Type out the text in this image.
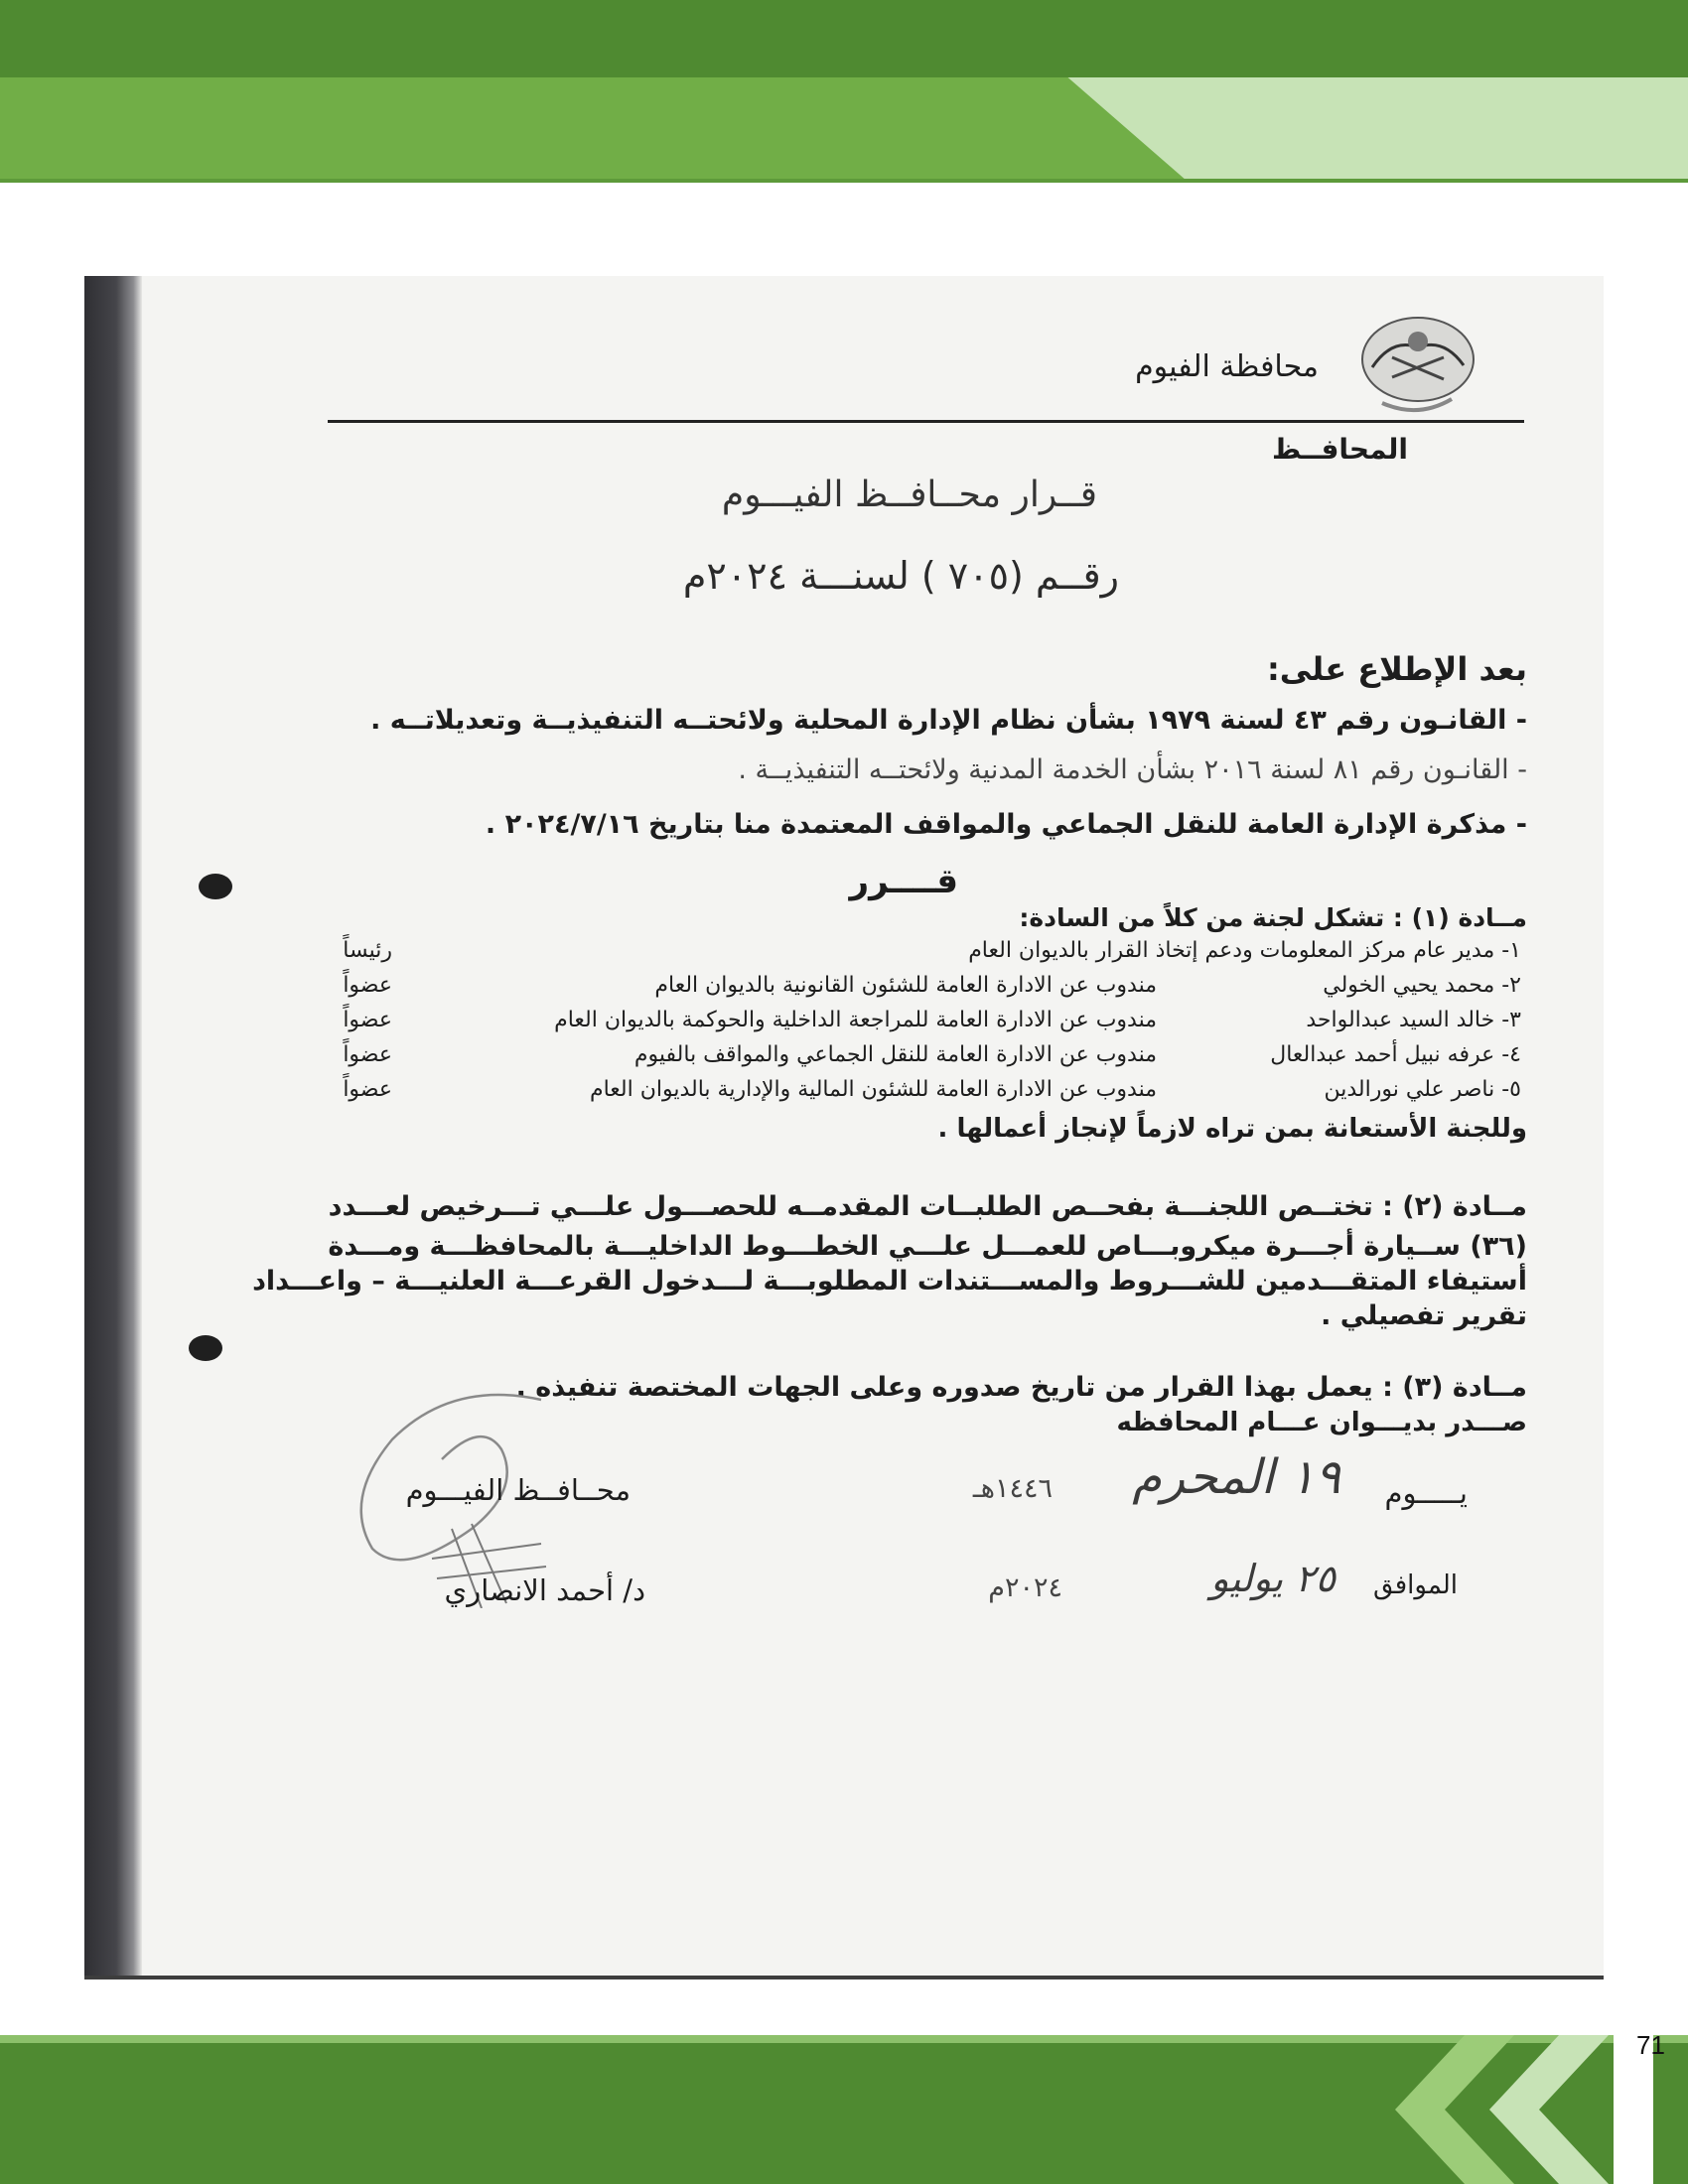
محافظة الفيوم
المحافــظ
قــرار محــافــظ الفيـــوم
رقــم (٧٠٥ ) لسنـــة ٢٠٢٤م
بعد الإطلاع على:
- القانـون رقم ٤٣ لسنة ١٩٧٩ بشأن نظام الإدارة المحلية ولائحتــه التنفيذيــة وتعديلاتــه .
- القانـون رقم ٨١ لسنة ٢٠١٦ بشأن الخدمة المدنية ولائحتــه التنفيذيــة .
- مذكرة الإدارة العامة للنقل الجماعي والمواقف المعتمدة منا بتاريخ ٢٠٢٤/٧/١٦ .
قــــرر
مــادة (١) : تشكل لجنة من كلاً من السادة:
١- مدير عام مركز المعلومات ودعم إتخاذ القرار بالديوان العام
رئيساً
٢- محمد يحيي الخولي
مندوب عن الادارة العامة للشئون القانونية بالديوان العام
عضواً
٣- خالد السيد عبدالواحد
مندوب عن الادارة العامة للمراجعة الداخلية والحوكمة بالديوان العام
عضواً
٤- عرفه نبيل أحمد عبدالعال
مندوب عن الادارة العامة للنقل الجماعي والمواقف بالفيوم
عضواً
٥- ناصر علي نورالدين
مندوب عن الادارة العامة للشئون المالية والإدارية بالديوان العام
عضواً
وللجنة الأستعانة بمن تراه لازماً لإنجاز أعمالها .
مــادة (٢) : تختــص اللجنـــة بفحــص الطلبــات المقدمــه للحصـــول علـــي تـــرخيص لعـــدد
(٣٦) ســيارة أجـــرة ميكروبـــاص للعمـــل علـــي الخطـــوط الداخليـــة بالمحافظـــة ومـــدة
أستيفاء المتقـــدمين للشـــروط والمســـتندات المطلوبـــة لـــدخول القرعـــة العلنيـــة – واعـــداد
تقرير تفصيلي .
مــادة (٣) : يعمل بهذا القرار من تاريخ صدوره وعلى الجهات المختصة تنفيذه .
صـــدر بديـــوان عـــام المحافظه
محــافــظ الفيـــوم
د/ أحمد الانصاري
يـــــوم
١٩ المحرم
١٤٤٦هـ
الموافق
٢٥ يوليو
٢٠٢٤م
71
